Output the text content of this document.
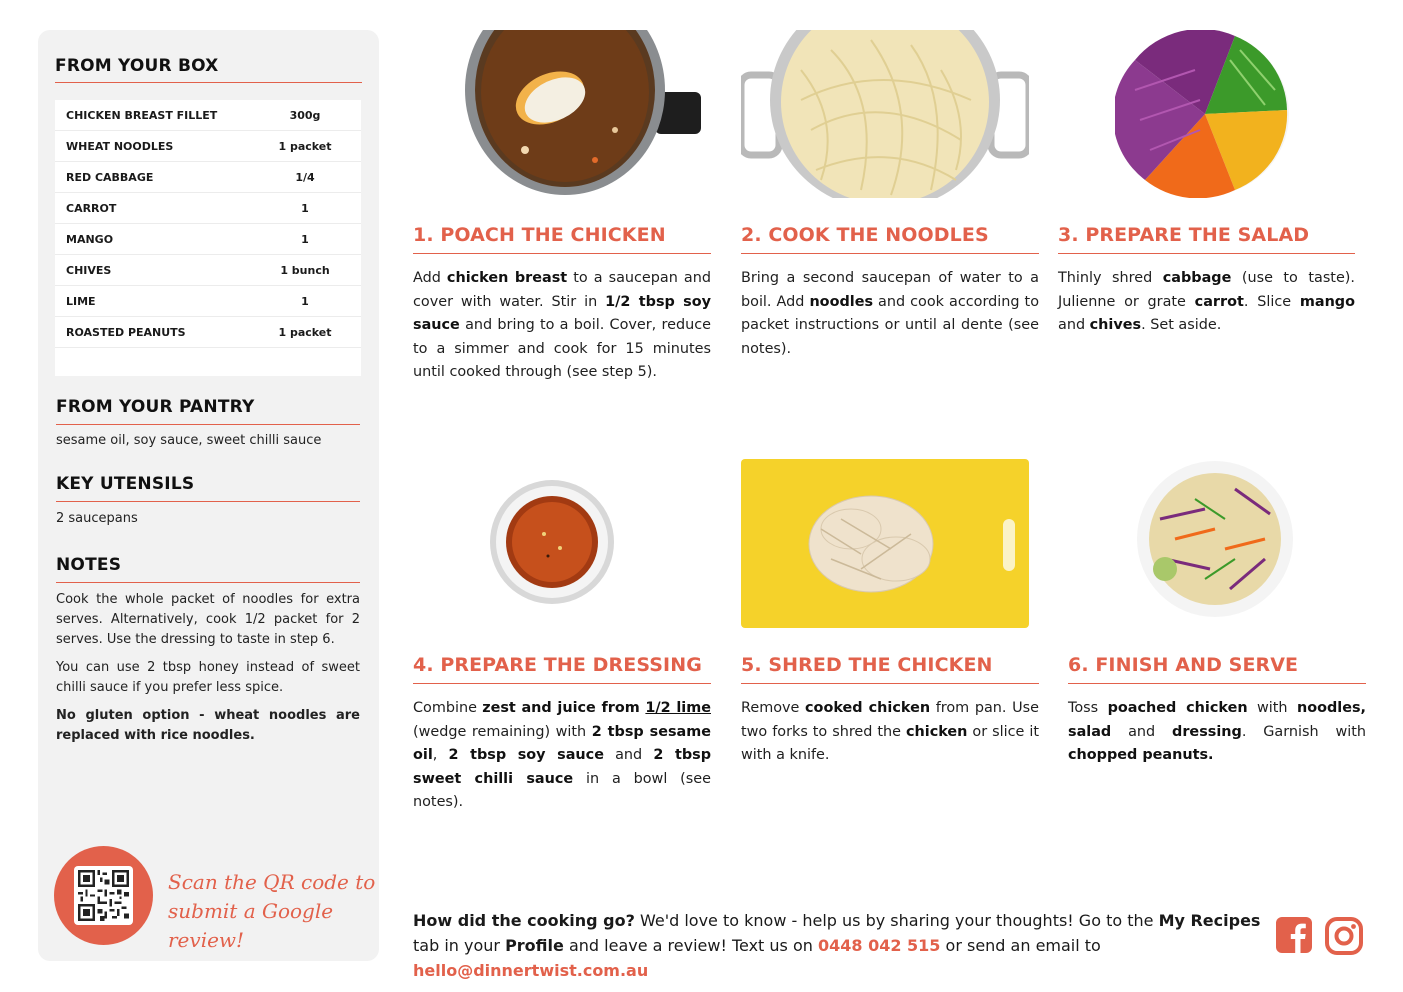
FROM YOUR BOX
CHICKEN BREAST FILLET	300g
WHEAT NOODLES	1 packet
RED CABBAGE	1/4
CARROT	1
MANGO	1
CHIVES	1 bunch
LIME	1
ROASTED PEANUTS	1 packet
FROM YOUR PANTRY
sesame oil, soy sauce, sweet chilli sauce
KEY UTENSILS
2 saucepans
NOTES

Cook the whole packet of noodles for extra serves. Alternatively, cook 1/2 packet for 2 serves. Use the dressing to taste in step 6.

You can use 2 tbsp honey instead of sweet chilli sauce if you prefer less spice.

No gluten option - wheat noodles are replaced with rice noodles.

Scan the QR code to
submit a Google review!
1. POACH THE CHICKEN	2. COOK THE NOODLES	3. PREPARE THE SALAD
4. PREPARE THE DRESSING 5. SHRED THE CHICKEN	6. FINISH AND SERVE
Add chicken breast to a saucepan and cover with water. Stir in 1/2 tbsp soy sauce and bring to a boil. Cover, reduce to a simmer and cook for 15 minutes until cooked through (see step 5).
Bring a second saucepan of water to a boil. Add noodles and cook according to packet instructions or until al dente (see notes).
Thinly shred cabbage (use to taste). Julienne or grate carrot. Slice mango and chives. Set aside.
Combine zest and juice from 1/2 lime (wedge remaining) with 2 tbsp sesame oil, 2 tbsp soy sauce and 2 tbsp sweet chilli sauce in a bowl (see notes).
Remove cooked chicken from pan. Use two forks to shred the chicken or slice it with a knife.
Toss poached chicken with noodles, salad and dressing. Garnish with chopped peanuts.
How did the cooking go? We'd love to know - help us by sharing your thoughts! Go to the My Recipes tab in your Profile and leave a review! Text us on 0448 042 515 or send an email to hello@dinnertwist.com.au
